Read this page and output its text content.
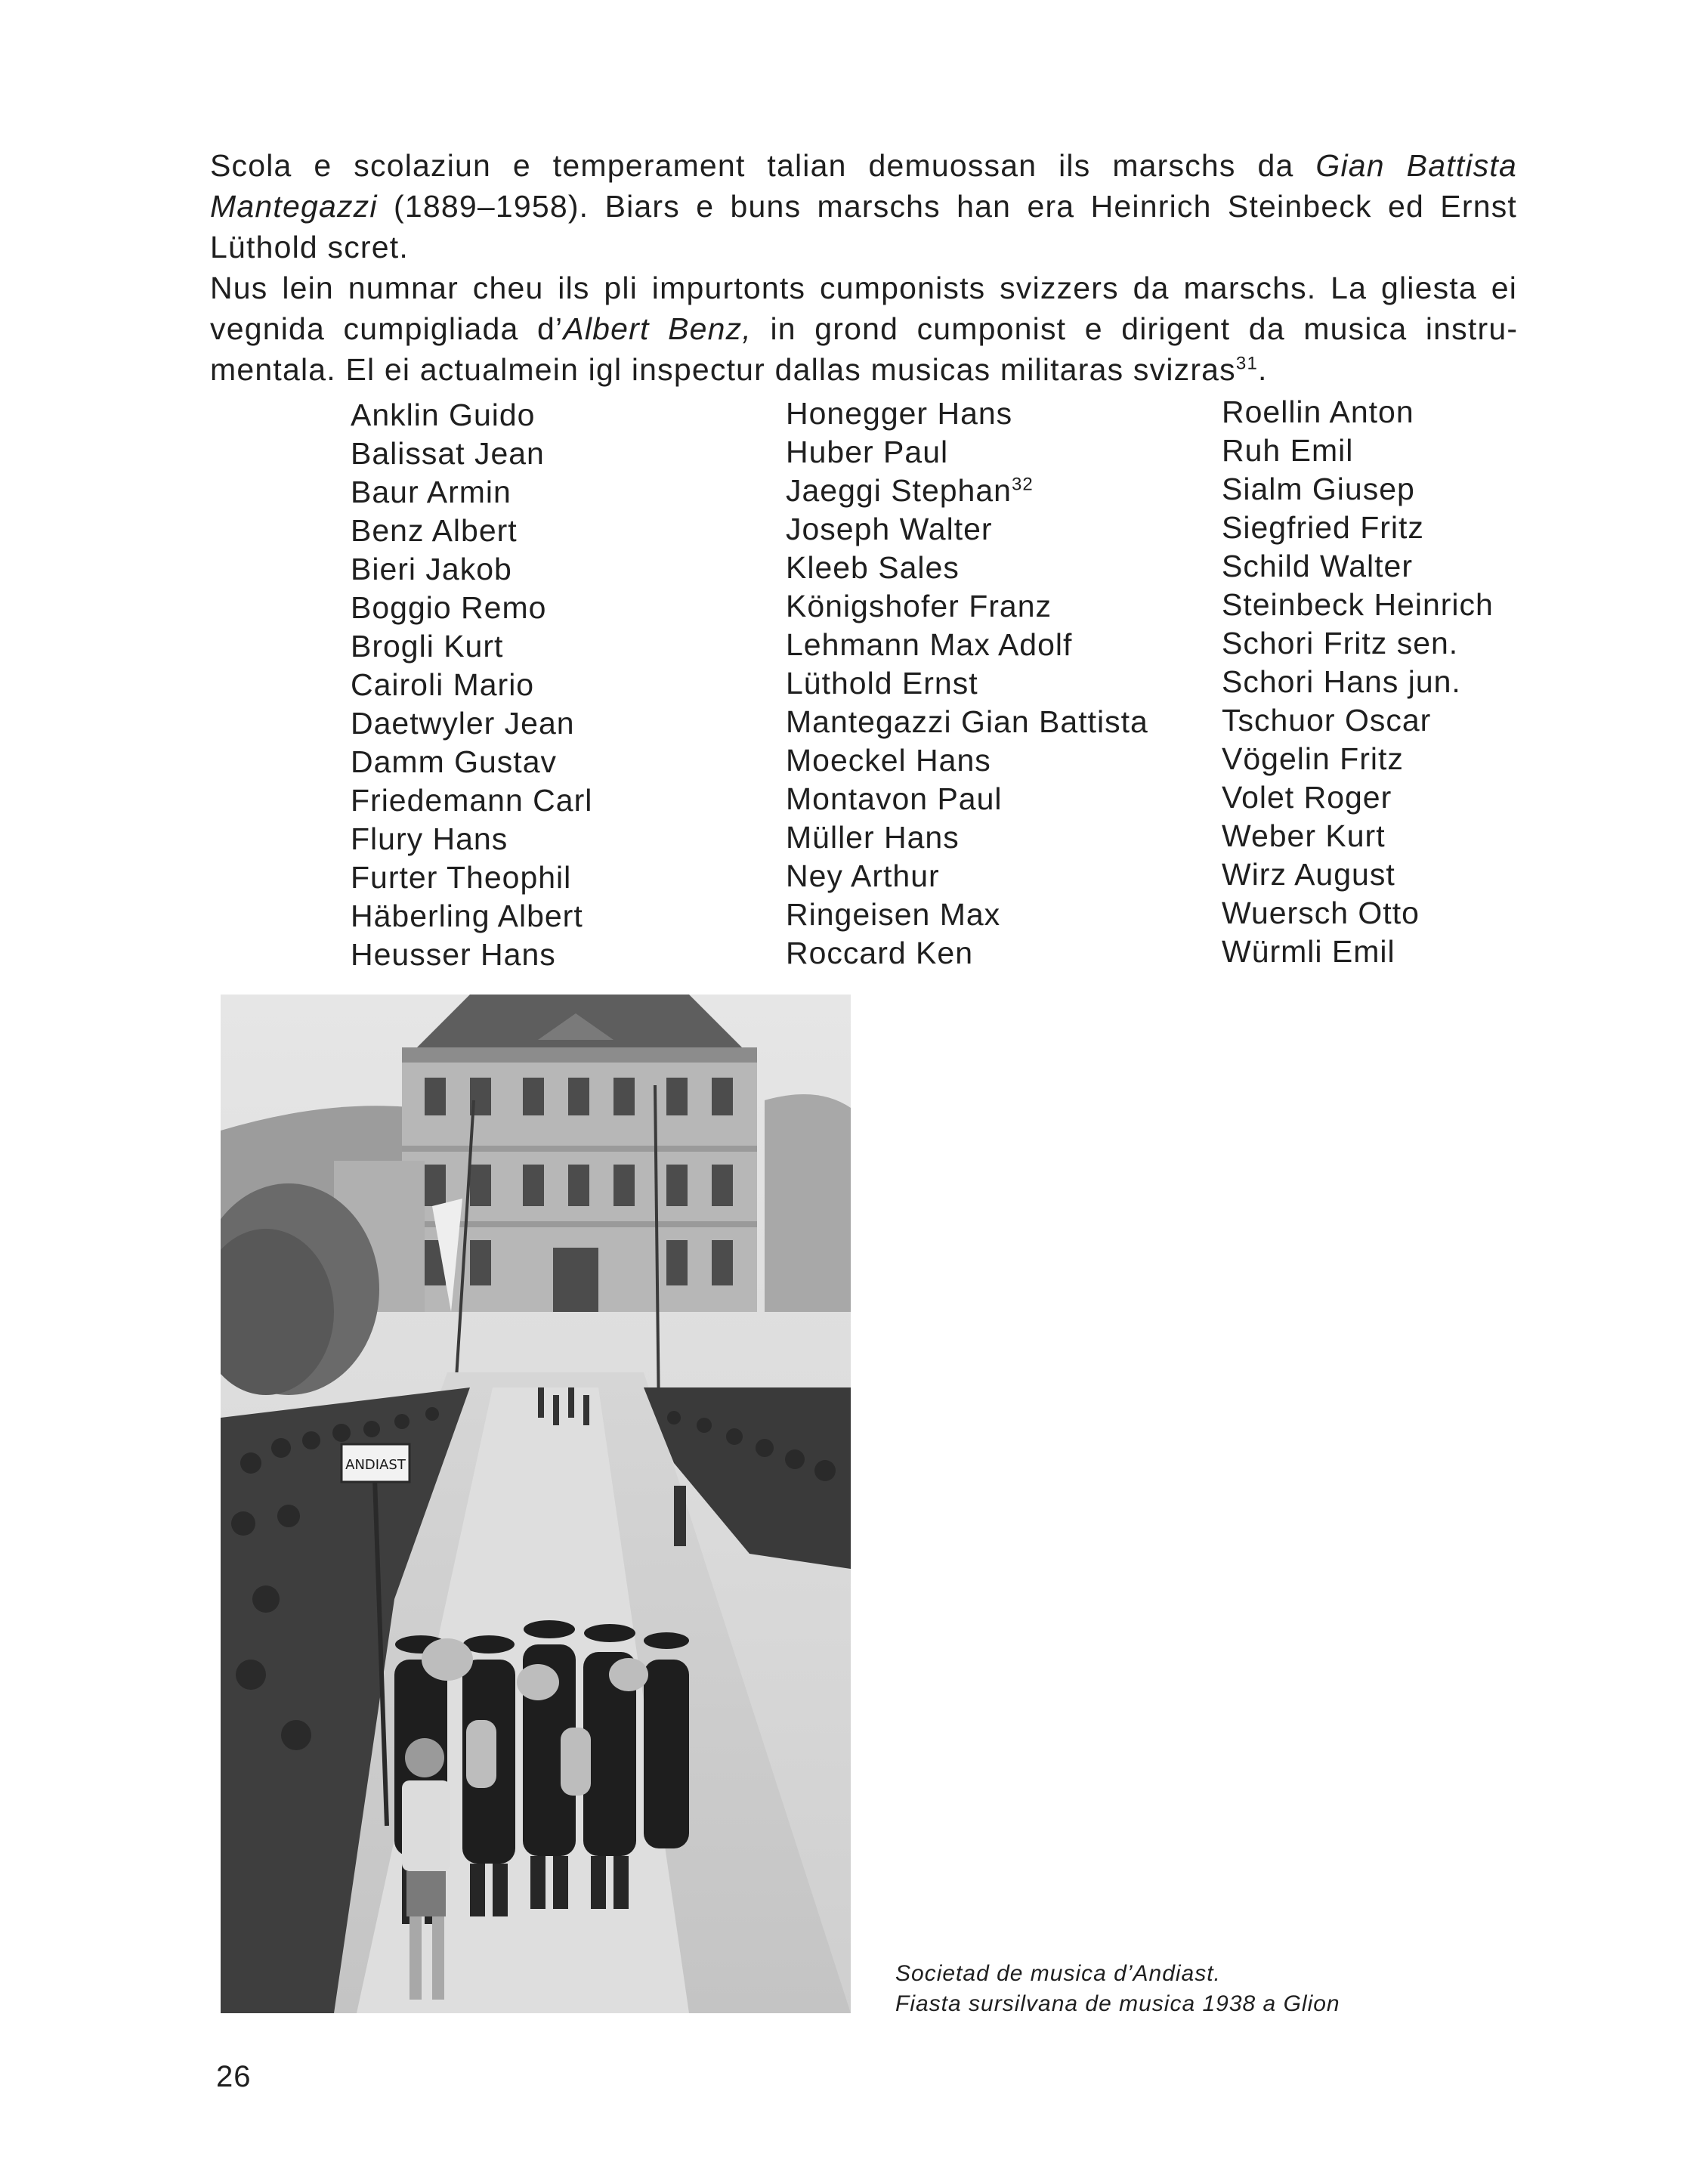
Scola e scolaziun e temperament talian demuossan ils marschs da Gian Battista Mantegazzi (1889–1958). Biars e buns marschs han era Heinrich Steinbeck ed Ernst Lüthold scret.

Nus lein numnar cheu ils pli impurtonts cumponists svizzers da marschs. La gliesta ei vegnida cumpigliada d’Albert Benz, in grond cumponist e dirigent da musica instrumentala. El ei actualmein igl inspectur dallas musicas militaras svizras$^{31}$.

Anklin Guido
Balissat Jean
Baur Armin
Benz Albert
Bieri Jakob
Boggio Remo
Brogli Kurt
Cairoli Mario
Daetwyler Jean
Damm Gustav
Friedemann Carl
Flury Hans
Furter Theophil
Häberling Albert
Heusser Hans
Honegger Hans
Huber Paul
Jaeggi Stephan$^{32}$
Joseph Walter
Kleeb Sales
Königshofer Franz
Lehmann Max Adolf
Lüthold Ernst
Mantegazzi Gian Battista
Moeckel Hans
Montavon Paul
Müller Hans
Ney Arthur
Ringeisen Max
Roccard Ken
Roellin Anton
Ruh Emil
Sialm Giusep
Siegfried Fritz
Schild Walter
Steinbeck Heinrich
Schori Fritz sen.
Schori Hans jun.
Tschuor Oscar
Vögelin Fritz
Volet Roger
Weber Kurt
Wirz August
Wuersch Otto
Würmli Emil
ANDIAST
Societad de musica d’Andiast.
Fiasta sursilvana de musica 1938 a Glion
26
